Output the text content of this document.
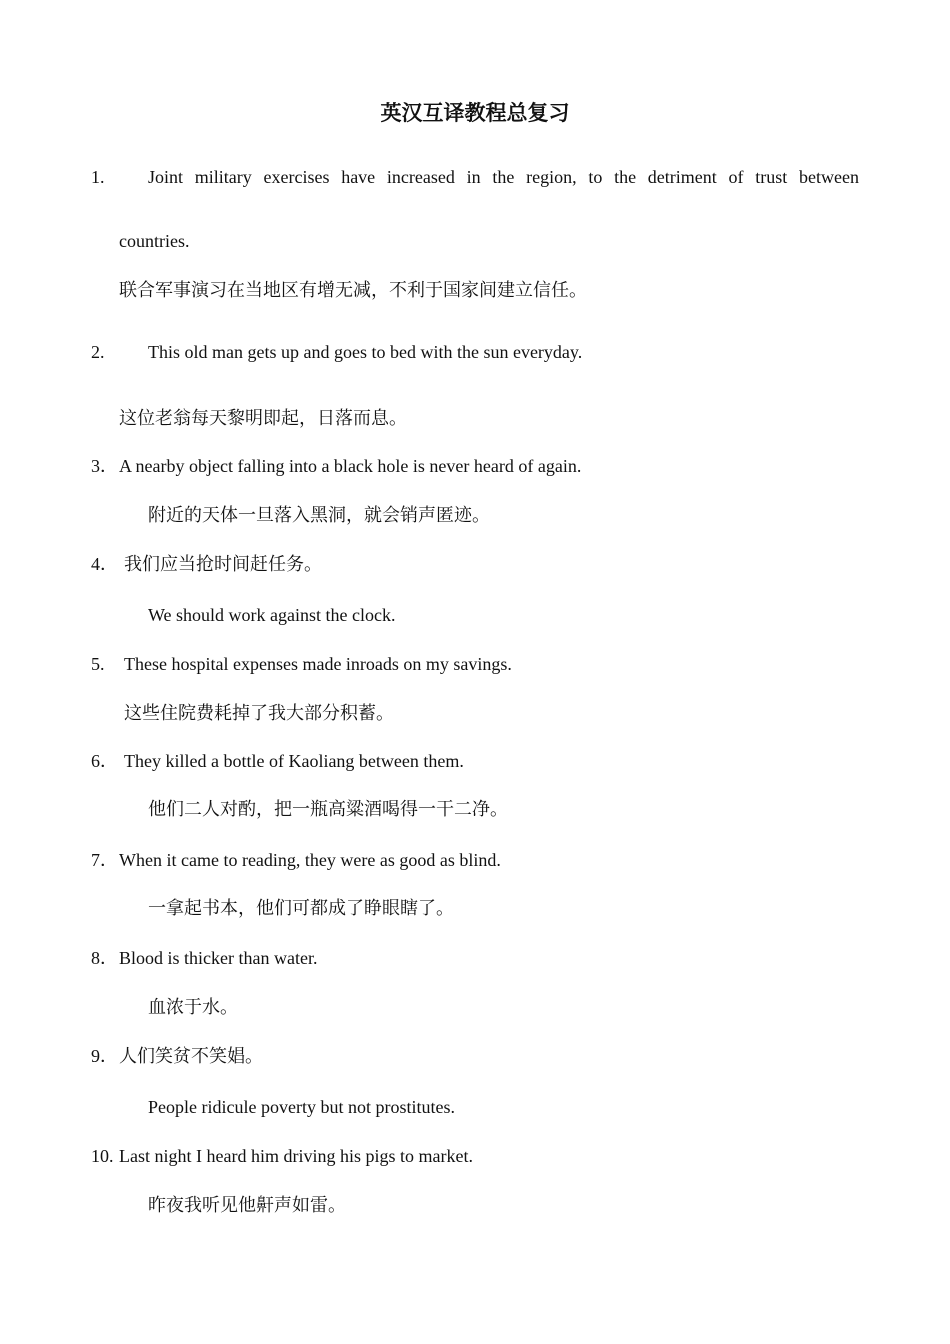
英汉互译教程总复习
1. Joint military exercises have increased in the region, to the detriment of trust between
countries.
联合军事演习在当地区有增无减，不利于国家间建立信任。
2. This old man gets up and goes to bed with the sun everyday.
这位老翁每天黎明即起，日落而息。
3． A nearby object falling into a black hole is never heard of again.
附近的天体一旦落入黑洞，就会销声匿迹。
4． 我们应当抢时间赶任务。
We should work against the clock.
5. These hospital expenses made inroads on my savings.
这些住院费耗掉了我大部分积蓄。
6． They killed a bottle of Kaoliang between them.
他们二人对酌，把一瓶高粱酒喝得一干二净。
7． When it came to reading, they were as good as blind.
一拿起书本，他们可都成了睁眼瞎了。
8． Blood is thicker than water.
血浓于水。
9． 人们笑贫不笑娼。
People ridicule poverty but not prostitutes.
10. Last night I heard him driving his pigs to market.
昨夜我听见他鼾声如雷。
